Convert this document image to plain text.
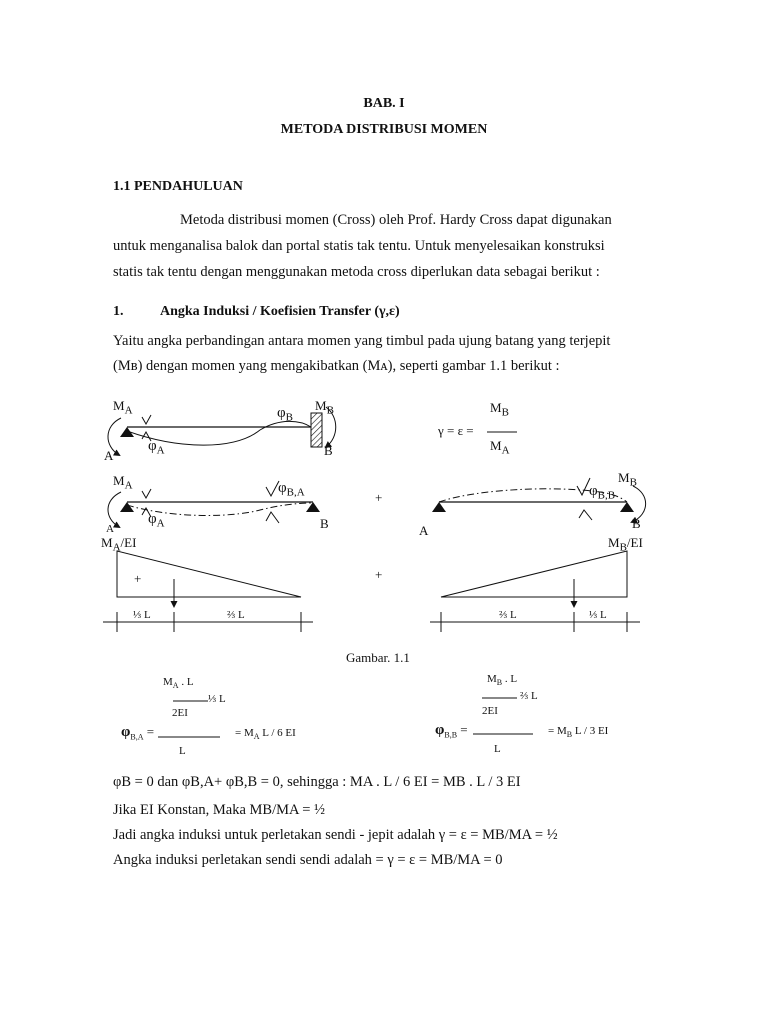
BAB. I
METODA DISTRIBUSI MOMEN
1.1 PENDAHULUAN
Metoda distribusi momen (Cross) oleh Prof. Hardy Cross dapat digunakan
untuk menganalisa balok dan portal statis tak tentu. Untuk menyelesaikan konstruksi
statis tak tentu dengan menggunakan metoda cross diperlukan data sebagai berikut :
1.	Angka Induksi / Koefisien Transfer (γ,ε)
Yaitu angka perbandingan antara momen yang timbul pada ujung batang yang terjepit
(Mʙ) dengan momen yang mengakibatkan (Mᴀ), seperti gambar 1.1 berikut :
$M_A$
A
$\varphi_A$
$\varphi_B$
$M_B$
B
γ = ε =
$M_B$
$M_A$
$M_A$
A
$\varphi_A$
$\varphi_{B,A}$
B
+	$\varphi_{B,B}$
$M_B$
A	B
$M_A/EI$	$M_B/EI$
+	+
⅓ L	⅔ L	⅔ L	⅓ L
Gambar. 1.1
$M_A$ . L
⅓ L
2EI
$\varphi_{B,A}$ =	= $M_A$ L / 6 EI
L
$M_B$ . L
⅔ L
2EI
$\varphi_{B,B}$ =	= $M_B$ L / 3 EI
L
φB = 0 dan φB,A+ φB,B = 0, sehingga : MA . L / 6 EI = MB . L / 3 EI
Jika EI Konstan, Maka MB/MA = ½
Jadi angka induksi untuk perletakan sendi - jepit adalah γ = ε = MB/MA = ½
Angka induksi perletakan sendi sendi adalah = γ = ε = MB/MA = 0
